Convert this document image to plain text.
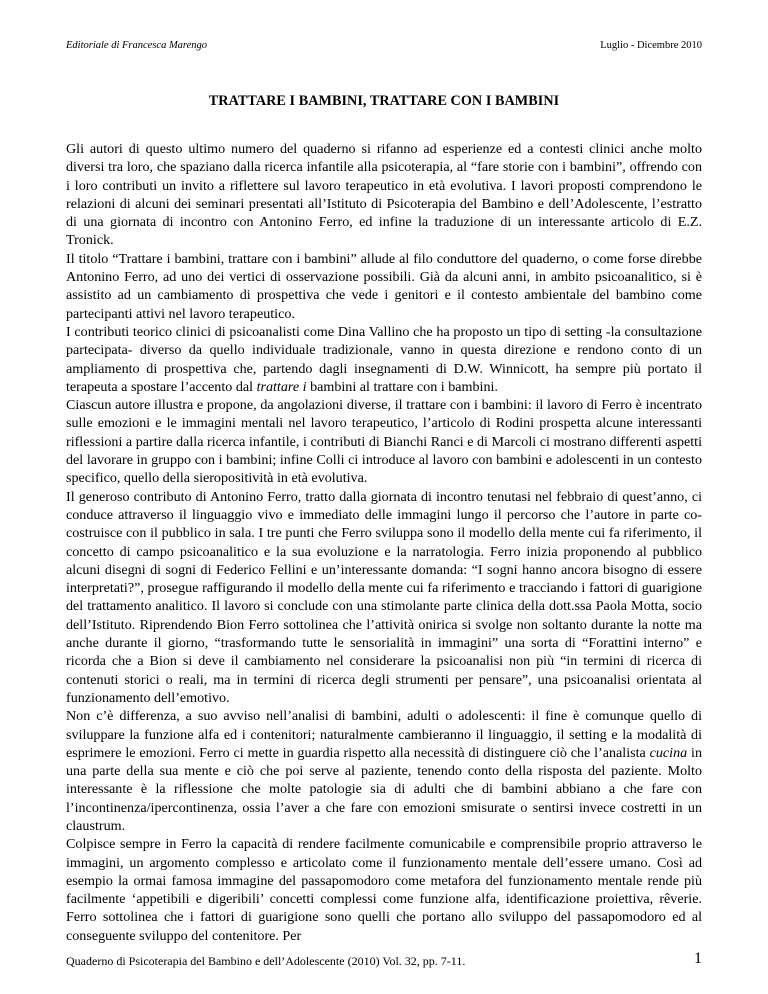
Editoriale di Francesca Marengo	Luglio - Dicembre 2010
TRATTARE I BAMBINI, TRATTARE CON I BAMBINI

Gli autori di questo ultimo numero del quaderno si rifanno ad esperienze ed a contesti clinici anche molto diversi tra loro, che spaziano dalla ricerca infantile alla psicoterapia, al “fare storie con i bambini”, offrendo con i loro contributi un invito a riflettere sul lavoro terapeutico in età evolutiva. I lavori proposti comprendono le relazioni di alcuni dei seminari presentati all’Istituto di Psicoterapia del Bambino e dell’Adolescente, l’estratto di una giornata di incontro con Antonino Ferro, ed infine la traduzione di un interessante articolo di E.Z. Tronick.

Il titolo “Trattare i bambini, trattare con i bambini” allude al filo conduttore del quaderno, o come forse direbbe Antonino Ferro, ad uno dei vertici di osservazione possibili. Già da alcuni anni, in ambito psicoanalitico, si è assistito ad un cambiamento di prospettiva che vede i genitori e il contesto ambientale del bambino come partecipanti attivi nel lavoro terapeutico.

I contributi teorico clinici di psicoanalisti come Dina Vallino che ha proposto un tipo di setting -la consultazione partecipata- diverso da quello individuale tradizionale, vanno in questa direzione e rendono conto di un ampliamento di prospettiva che, partendo dagli insegnamenti di D.W. Winnicott, ha sempre più portato il terapeuta a spostare l’accento dal trattare i bambini al trattare con i bambini.

Ciascun autore illustra e propone, da angolazioni diverse, il trattare con i bambini: il lavoro di Ferro è incentrato sulle emozioni e le immagini mentali nel lavoro terapeutico, l’articolo di Rodini prospetta alcune interessanti riflessioni a partire dalla ricerca infantile, i contributi di Bianchi Ranci e di Marcoli ci mostrano differenti aspetti del lavorare in gruppo con i bambini; infine Colli ci introduce al lavoro con bambini e adolescenti in un contesto specifico, quello della sieropositività in età evolutiva.

Il generoso contributo di Antonino Ferro, tratto dalla giornata di incontro tenutasi nel febbraio di quest’anno, ci conduce attraverso il linguaggio vivo e immediato delle immagini lungo il percorso che l’autore in parte co-costruisce con il pubblico in sala. I tre punti che Ferro sviluppa sono il modello della mente cui fa riferimento, il concetto di campo psicoanalitico e la sua evoluzione e la narratologia. Ferro inizia proponendo al pubblico alcuni disegni di sogni di Federico Fellini e un’interessante domanda: “I sogni hanno ancora bisogno di essere interpretati?”, prosegue raffigurando il modello della mente cui fa riferimento e tracciando i fattori di guarigione del trattamento analitico. Il lavoro si conclude con una stimolante parte clinica della dott.ssa Paola Motta, socio dell’Istituto. Riprendendo Bion Ferro sottolinea che l’attività onirica si svolge non soltanto durante la notte ma anche durante il giorno, “trasformando tutte le sensorialità in immagini” una sorta di “Forattini interno” e ricorda che a Bion si deve il cambiamento nel considerare la psicoanalisi non più “in termini di ricerca di contenuti storici o reali, ma in termini di ricerca degli strumenti per pensare”, una psicoanalisi orientata al funzionamento dell’emotivo.

Non c’è differenza, a suo avviso nell’analisi di bambini, adulti o adolescenti: il fine è comunque quello di sviluppare la funzione alfa ed i contenitori; naturalmente cambieranno il linguaggio, il setting e la modalità di esprimere le emozioni. Ferro ci mette in guardia rispetto alla necessità di distinguere ciò che l’analista cucina in una parte della sua mente e ciò che poi serve al paziente, tenendo conto della risposta del paziente. Molto interessante è la riflessione che molte patologie sia di adulti che di bambini abbiano a che fare con l’incontinenza/ipercontinenza, ossia l’aver a che fare con emozioni smisurate o sentirsi invece costretti in un claustrum.

Colpisce sempre in Ferro la capacità di rendere facilmente comunicabile e comprensibile proprio attraverso le immagini, un argomento complesso e articolato come il funzionamento mentale dell’essere umano. Così ad esempio la ormai famosa immagine del passapomodoro come metafora del funzionamento mentale rende più facilmente ‘appetibili e digeribili’ concetti complessi come funzione alfa, identificazione proiettiva, rêverie. Ferro sottolinea che i fattori di guarigione sono quelli che portano allo sviluppo del passapomodoro ed al conseguente sviluppo del contenitore. Per

Quaderno di Psicoterapia del Bambino e dell’Adolescente (2010) Vol. 32, pp. 7-11.	1
